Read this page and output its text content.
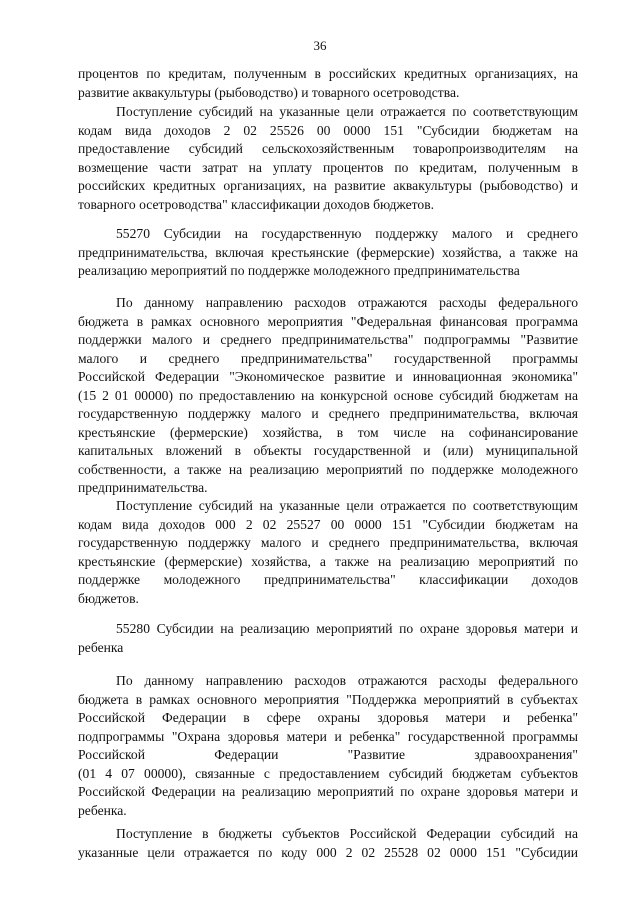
36
процентов по кредитам, полученным в российских кредитных организациях, на
развитие аквакультуры (рыбоводство) и товарного осетроводства.
Поступление субсидий на указанные цели отражается по соответствующим
кодам вида доходов 2 02 25526 00 0000 151 "Субсидии бюджетам на
предоставление субсидий сельскохозяйственным товаропроизводителям на
возмещение части затрат на уплату процентов по кредитам, полученным в
российских кредитных организациях, на развитие аквакультуры (рыбоводство) и
товарного осетроводства" классификации доходов бюджетов.
55270 Субсидии на государственную поддержку малого и среднего
предпринимательства, включая крестьянские (фермерские) хозяйства, а также на
реализацию мероприятий по поддержке молодежного предпринимательства
По данному направлению расходов отражаются расходы федерального
бюджета в рамках основного мероприятия "Федеральная финансовая программа
поддержки малого и среднего предпринимательства" подпрограммы "Развитие
малого и среднего предпринимательства" государственной программы
Российской Федерации "Экономическое развитие и инновационная экономика"
(15 2 01 00000) по предоставлению на конкурсной основе субсидий бюджетам на
государственную поддержку малого и среднего предпринимательства, включая
крестьянские (фермерские) хозяйства, в том числе на софинансирование
капитальных вложений в объекты государственной и (или) муниципальной
собственности, а также на реализацию мероприятий по поддержке молодежного
предпринимательства.
Поступление субсидий на указанные цели отражается по соответствующим
кодам вида доходов 000 2 02 25527 00 0000 151 "Субсидии бюджетам на
государственную поддержку малого и среднего предпринимательства, включая
крестьянские (фермерские) хозяйства, а также на реализацию мероприятий по
поддержке молодежного предпринимательства" классификации доходов
бюджетов.
55280 Субсидии на реализацию мероприятий по охране здоровья матери и
ребенка
По данному направлению расходов отражаются расходы федерального
бюджета в рамках основного мероприятия "Поддержка мероприятий в субъектах
Российской Федерации в сфере охраны здоровья матери и ребенка"
подпрограммы "Охрана здоровья матери и ребенка" государственной программы
Российской Федерации "Развитие здравоохранения"
(01 4 07 00000), связанные с предоставлением субсидий бюджетам субъектов
Российской Федерации на реализацию мероприятий по охране здоровья матери и
ребенка.
Поступление в бюджеты субъектов Российской Федерации субсидий на
указанные цели отражается по коду 000 2 02 25528 02 0000 151 "Субсидии
